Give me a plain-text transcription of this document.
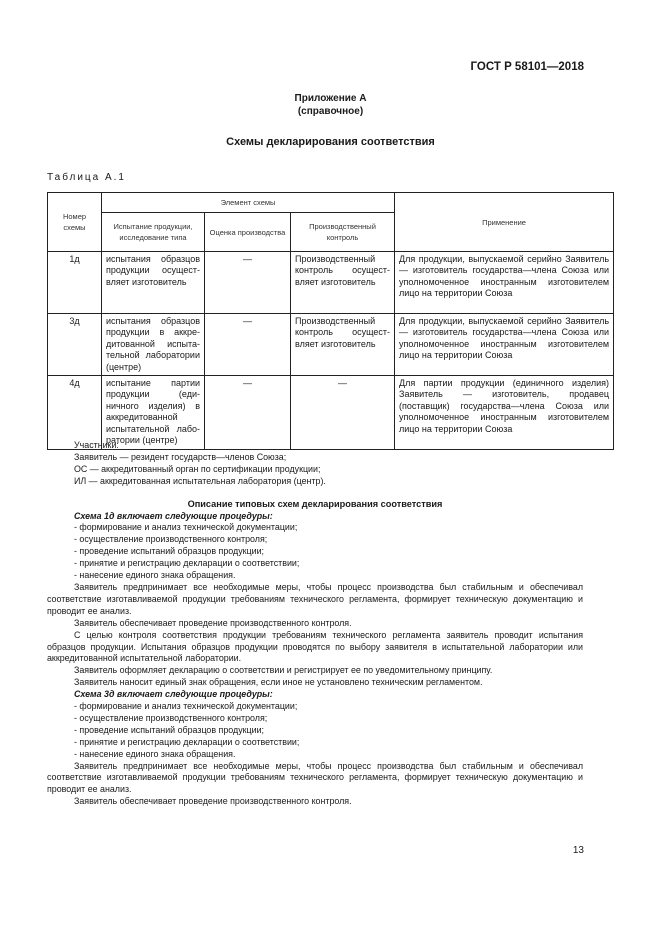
ГОСТ Р 58101—2018
Приложение А
(справочное)
Схемы декларирования соответствия
Таблица А.1
Номер схемы	Элемент схемы			Применение
	Испытание продукции, исследование типа	Оценка производства	Производственный контроль	
1д	испытания образцов продукции осуществляет изготовитель	—	Производственный контроль осуществляет изготовитель	Для продукции, выпускаемой серийно Заявитель — изготовитель государства—члена Союза или уполномоченное иностранным изготовителем лицо на территории Союза
3д	испытания образцов продукции в аккредитованной испытательной лаборатории (центре)	—	Производственный контроль осуществляет изготовитель	Для продукции, выпускаемой серийно Заявитель — изготовитель государства—члена Союза или уполномоченное иностранным изготовителем лицо на территории Союза
4д	испытание партии продукции (единичного изделия) в аккредитованной испытательной лаборатории (центре)	—	—	Для партии продукции (единичного изделия) Заявитель — изготовитель, продавец (поставщик) государства—члена Союза или уполномоченное иностранным изготовителем лицо на территории Союза

Участники:

Заявитель — резидент государств—членов Союза;

ОС — аккредитованный орган по сертификации продукции;

ИЛ — аккредитованная испытательная лаборатория (центр).

Описание типовых схем декларирования соответствия

Схема 1д включает следующие процедуры:

- формирование и анализ технической документации;

- осуществление производственного контроля;

- проведение испытаний образцов продукции;

- принятие и регистрацию декларации о соответствии;

- нанесение единого знака обращения.

Заявитель предпринимает все необходимые меры, чтобы процесс производства был стабильным и обеспечивал соответствие изготавливаемой продукции требованиям технического регламента, формирует техническую документацию и проводит ее анализ.

Заявитель обеспечивает проведение производственного контроля.

С целью контроля соответствия продукции требованиям технического регламента заявитель проводит испытания образцов продукции. Испытания образцов продукции проводятся по выбору заявителя в испытательной лаборатории или аккредитованной испытательной лаборатории.

Заявитель оформляет декларацию о соответствии и регистрирует ее по уведомительному принципу.

Заявитель наносит единый знак обращения, если иное не установлено техническим регламентом.

Схема 3д включает следующие процедуры:

- формирование и анализ технической документации;

- осуществление производственного контроля;

- проведение испытаний образцов продукции;

- принятие и регистрацию декларации о соответствии;

- нанесение единого знака обращения.

Заявитель предпринимает все необходимые меры, чтобы процесс производства был стабильным и обеспечивал соответствие изготавливаемой продукции требованиям технического регламента, формирует техническую документацию и проводит ее анализ.

Заявитель обеспечивает проведение производственного контроля.

13
